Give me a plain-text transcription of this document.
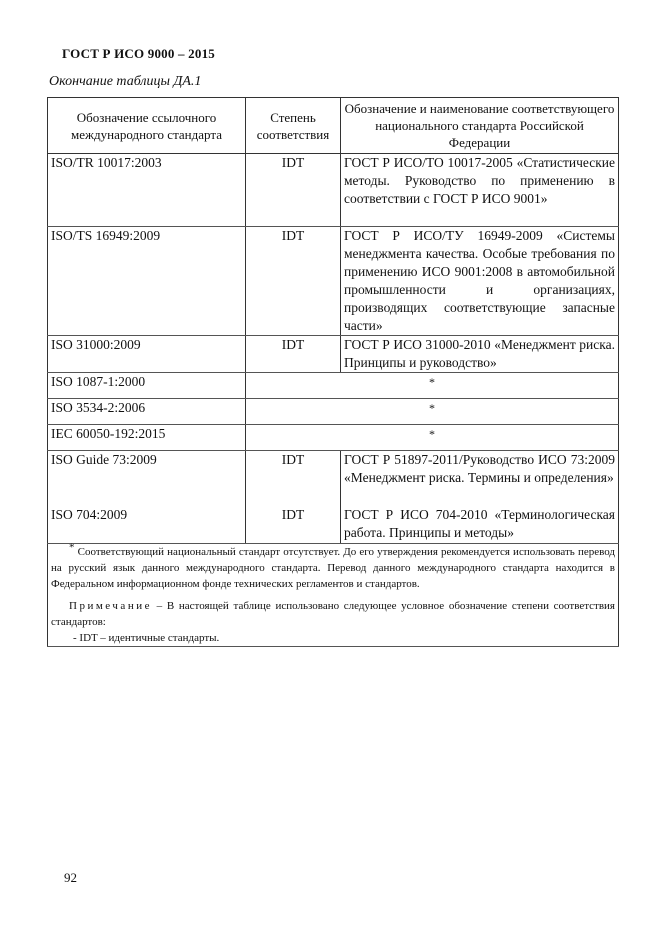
ГОСТ Р ИСО 9000 – 2015
Окончание таблицы ДА.1
Обозначение ссылочного международного стандарта	Степень соответствия	Обозначение и наименование соответствующего национального стандарта Российской Федерации
ISO/TR 10017:2003	IDT	ГОСТ Р ИСО/ТО 10017-2005 «Статистические методы. Руководство по применению в соответствии с ГОСТ Р ИСО 9001»
ISO/TS 16949:2009	IDT	ГОСТ Р ИСО/ТУ 16949-2009 «Системы менеджмента качества. Особые требования по применению ИСО 9001:2008 в автомобильной промышленности и организациях, производящих соответствующие запасные части»
ISO 31000:2009	IDT	ГОСТ Р ИСО 31000-2010 «Менеджмент риска. Принципы и руководство»
ISO 1087-1:2000	*	
ISO 3534-2:2006	*	
IEC 60050-192:2015	*	
ISO Guide 73:2009	IDT	ГОСТ Р 51897-2011/Руководство ИСО 73:2009 «Менеджмент риска. Термины и определения»
ISO 704:2009	IDT	ГОСТ Р ИСО 704-2010 «Терминологическая работа. Принципы и методы»

* Соответствующий национальный стандарт отсутствует. До его утверждения рекомендуется использовать перевод на русский язык данного международного стандарта. Перевод данного международного стандарта находится в Федеральном информационном фонде технических регламентов и стандартов.

Примечание – В настоящей таблице использовано следующее условное обозначение степени соответствия стандартов:

- IDT – идентичные стандарты.		

92
